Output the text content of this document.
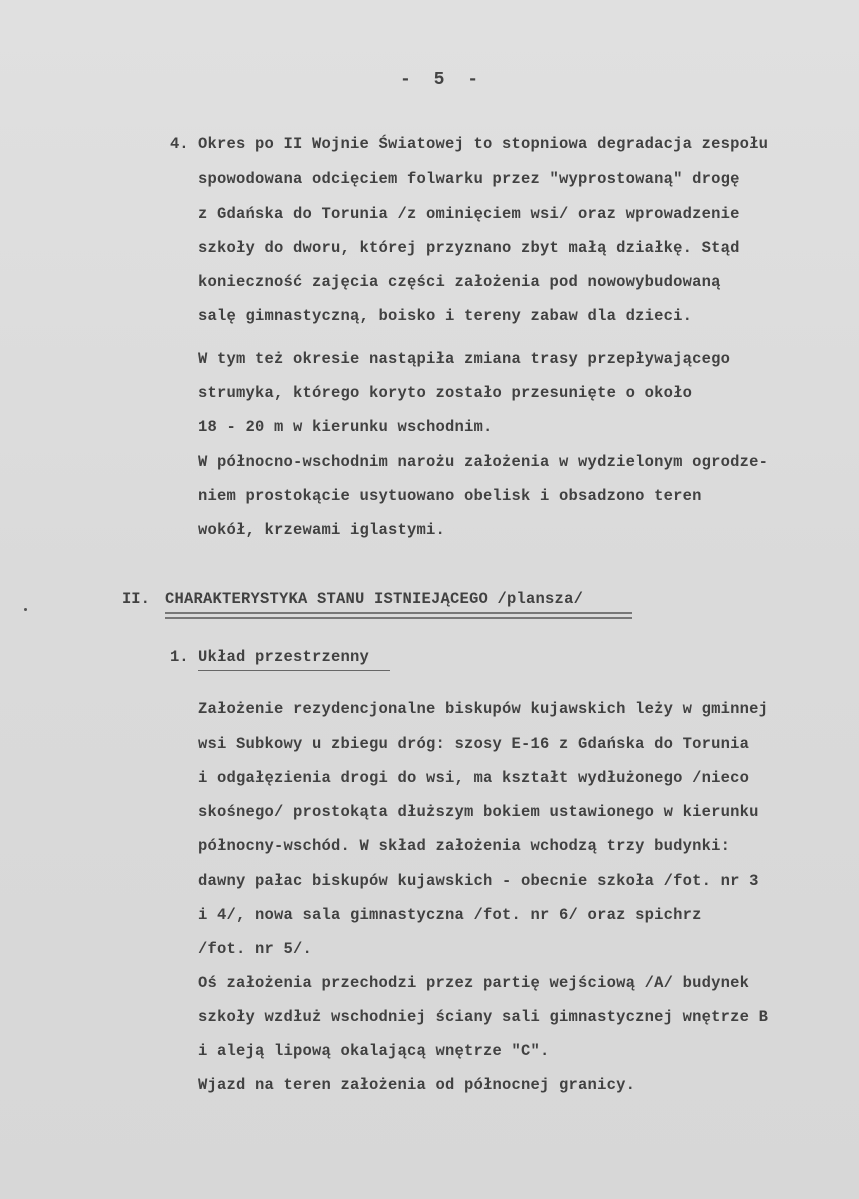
- 5 -
4. Okres po II Wojnie Światowej to stopniowa degradacja zespołu
spowodowana odcięciem folwarku przez "wyprostowaną" drogę
z Gdańska do Torunia /z ominięciem wsi/ oraz wprowadzenie
szkoły do dworu, której przyznano zbyt małą działkę. Stąd
konieczność zajęcia części założenia pod nowowybudowaną
salę gimnastyczną, boisko i tereny zabaw dla dzieci.
W tym też okresie nastąpiła zmiana trasy przepływającego
strumyka, którego koryto zostało przesunięte o około
18 - 20 m w kierunku wschodnim.
W północno-wschodnim narożu założenia w wydzielonym ogrodze-
niem prostokącie usytuowano obelisk i obsadzono teren
wokół, krzewami iglastymi.
II. CHARAKTERYSTYKA STANU ISTNIEJĄCEGO /plansza/
1. Układ przestrzenny
Założenie rezydencjonalne biskupów kujawskich leży w gminnej
wsi Subkowy u zbiegu dróg: szosy E-16 z Gdańska do Torunia
i odgałęzienia drogi do wsi, ma kształt wydłużonego /nieco
skośnego/ prostokąta dłuższym bokiem ustawionego w kierunku
północny-wschód. W skład założenia wchodzą trzy budynki:
dawny pałac biskupów kujawskich - obecnie szkoła /fot. nr 3
i 4/, nowa sala gimnastyczna /fot. nr 6/ oraz spichrz
/fot. nr 5/.
Oś założenia przechodzi przez partię wejściową /A/ budynek
szkoły wzdłuż wschodniej ściany sali gimnastycznej wnętrze B
i aleją lipową okalającą wnętrze "C".
Wjazd na teren założenia od północnej granicy.
